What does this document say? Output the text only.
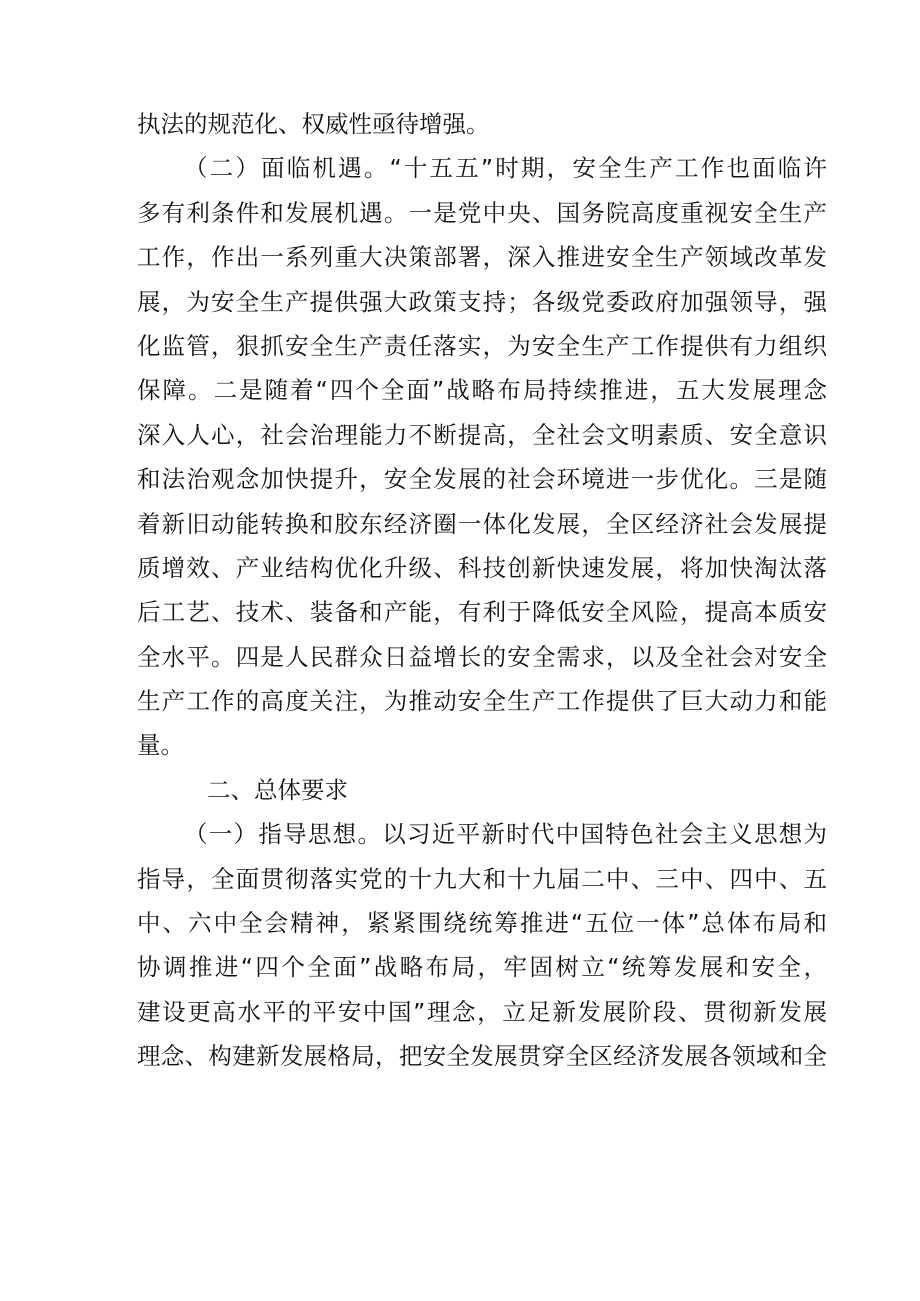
执法的规范化、权威性亟待增强。
（二）面临机遇。“十五五”时期，安全生产工作也面临许
多有利条件和发展机遇。一是党中央、国务院高度重视安全生产
工作，作出一系列重大决策部署，深入推进安全生产领域改革发
展，为安全生产提供强大政策支持；各级党委政府加强领导，强
化监管，狠抓安全生产责任落实，为安全生产工作提供有力组织
保障。二是随着“四个全面”战略布局持续推进，五大发展理念
深入人心，社会治理能力不断提高，全社会文明素质、安全意识
和法治观念加快提升，安全发展的社会环境进一步优化。三是随
着新旧动能转换和胶东经济圈一体化发展，全区经济社会发展提
质增效、产业结构优化升级、科技创新快速发展，将加快淘汰落
后工艺、技术、装备和产能，有利于降低安全风险，提高本质安
全水平。四是人民群众日益增长的安全需求，以及全社会对安全
生产工作的高度关注，为推动安全生产工作提供了巨大动力和能
量。
二、总体要求
（一）指导思想。以习近平新时代中国特色社会主义思想为
指导，全面贯彻落实党的十九大和十九届二中、三中、四中、五
中、六中全会精神，紧紧围绕统筹推进“五位一体”总体布局和
协调推进“四个全面”战略布局，牢固树立“统筹发展和安全，
建设更高水平的平安中国”理念，立足新发展阶段、贯彻新发展
理念、构建新发展格局，把安全发展贯穿全区经济发展各领域和全
